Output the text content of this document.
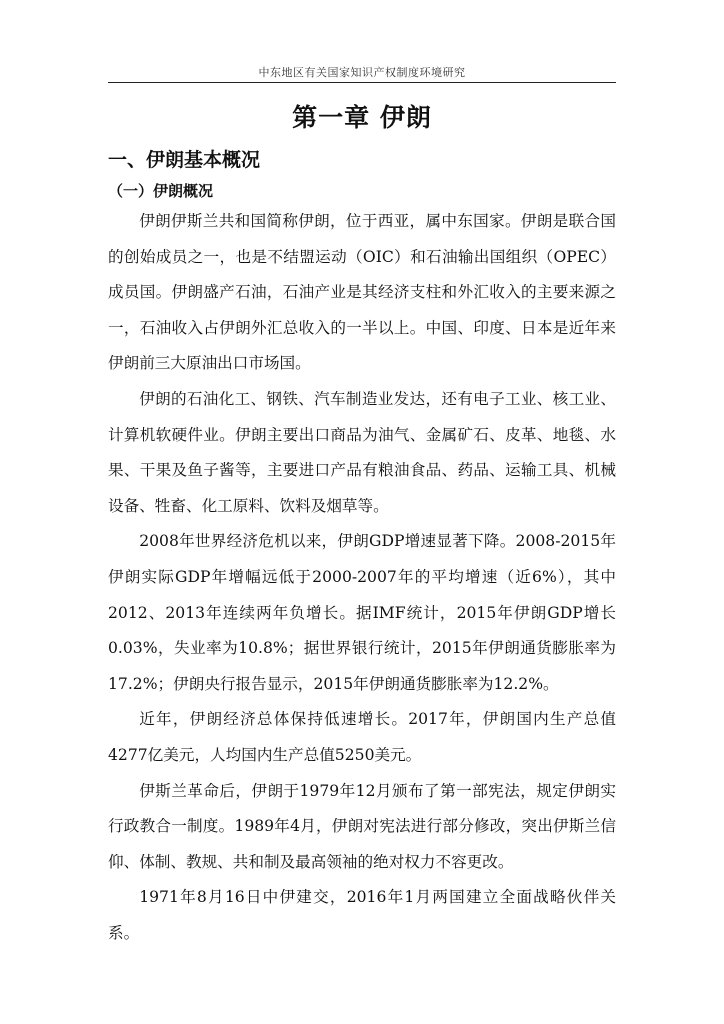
中东地区有关国家知识产权制度环境研究
第一章 伊朗
一、伊朗基本概况
（一）伊朗概况

伊朗伊斯兰共和国简称伊朗，位于西亚，属中东国家。伊朗是联合国的创始成员之一，也是不结盟运动（OIC）和石油输出国组织（OPEC）成员国。伊朗盛产石油，石油产业是其经济支柱和外汇收入的主要来源之一，石油收入占伊朗外汇总收入的一半以上。中国、印度、日本是近年来伊朗前三大原油出口市场国。

伊朗的石油化工、钢铁、汽车制造业发达，还有电子工业、核工业、计算机软硬件业。伊朗主要出口商品为油气、金属矿石、皮革、地毯、水果、干果及鱼子酱等，主要进口产品有粮油食品、药品、运输工具、机械设备、牲畜、化工原料、饮料及烟草等。

2008年世界经济危机以来，伊朗GDP增速显著下降。2008-2015年伊朗实际GDP年增幅远低于2000-2007年的平均增速（近6%），其中2012、2013年连续两年负增长。据IMF统计，2015年伊朗GDP增长0.03%，失业率为10.8%；据世界银行统计，2015年伊朗通货膨胀率为17.2%；伊朗央行报告显示，2015年伊朗通货膨胀率为12.2%。

近年，伊朗经济总体保持低速增长。2017年，伊朗国内生产总值4277亿美元，人均国内生产总值5250美元。

伊斯兰革命后，伊朗于1979年12月颁布了第一部宪法，规定伊朗实行政教合一制度。1989年4月，伊朗对宪法进行部分修改，突出伊斯兰信仰、体制、教规、共和制及最高领袖的绝对权力不容更改。

1971年8月16日中伊建交，2016年1月两国建立全面战略伙伴关系。
